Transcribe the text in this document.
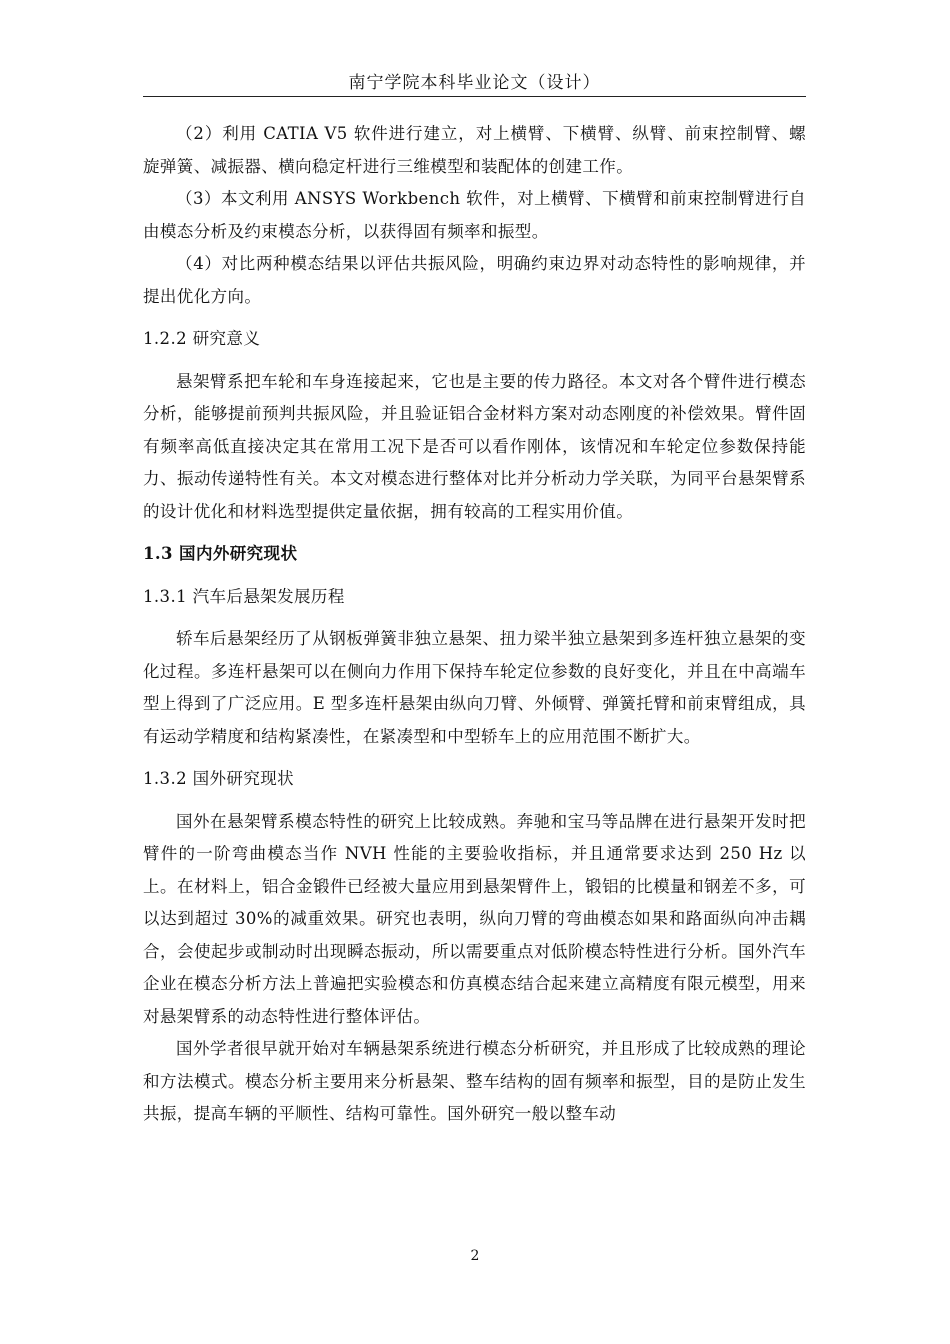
南宁学院本科毕业论文（设计）

（2）利用 CATIA V5 软件进行建立，对上横臂、下横臂、纵臂、前束控制臂、螺旋弹簧、减振器、横向稳定杆进行三维模型和装配体的创建工作。

（3）本文利用 ANSYS Workbench 软件，对上横臂、下横臂和前束控制臂进行自由模态分析及约束模态分析，以获得固有频率和振型。

（4）对比两种模态结果以评估共振风险，明确约束边界对动态特性的影响规律，并提出优化方向。

1.2.2 研究意义

悬架臂系把车轮和车身连接起来，它也是主要的传力路径。本文对各个臂件进行模态分析，能够提前预判共振风险，并且验证铝合金材料方案对动态刚度的补偿效果。臂件固有频率高低直接决定其在常用工况下是否可以看作刚体，该情况和车轮定位参数保持能力、振动传递特性有关。本文对模态进行整体对比并分析动力学关联，为同平台悬架臂系的设计优化和材料选型提供定量依据，拥有较高的工程实用价值。

1.3 国内外研究现状

1.3.1 汽车后悬架发展历程

轿车后悬架经历了从钢板弹簧非独立悬架、扭力梁半独立悬架到多连杆独立悬架的变化过程。多连杆悬架可以在侧向力作用下保持车轮定位参数的良好变化，并且在中高端车型上得到了广泛应用。E 型多连杆悬架由纵向刀臂、外倾臂、弹簧托臂和前束臂组成，具有运动学精度和结构紧凑性，在紧凑型和中型轿车上的应用范围不断扩大。

1.3.2 国外研究现状

国外在悬架臂系模态特性的研究上比较成熟。奔驰和宝马等品牌在进行悬架开发时把臂件的一阶弯曲模态当作 NVH 性能的主要验收指标，并且通常要求达到 250 Hz 以上。在材料上，铝合金锻件已经被大量应用到悬架臂件上，锻铝的比模量和钢差不多，可以达到超过 30%的减重效果。研究也表明，纵向刀臂的弯曲模态如果和路面纵向冲击耦合，会使起步或制动时出现瞬态振动，所以需要重点对低阶模态特性进行分析。国外汽车企业在模态分析方法上普遍把实验模态和仿真模态结合起来建立高精度有限元模型，用来对悬架臂系的动态特性进行整体评估。

国外学者很早就开始对车辆悬架系统进行模态分析研究，并且形成了比较成熟的理论和方法模式。模态分析主要用来分析悬架、整车结构的固有频率和振型，目的是防止发生共振，提高车辆的平顺性、结构可靠性。国外研究一般以整车动

2
